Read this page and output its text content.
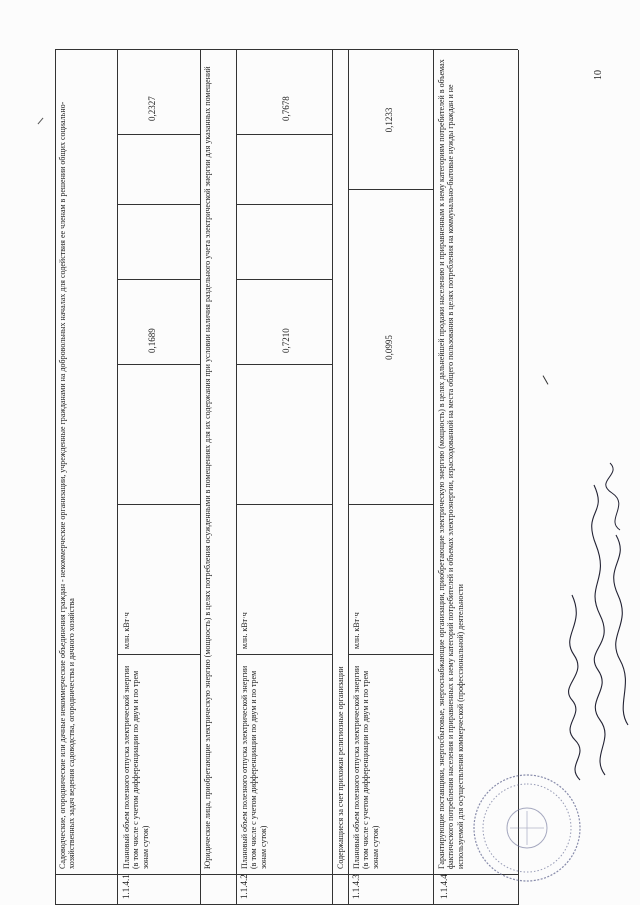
Садоводческие, огороднические или дачные некоммерческие объединения граждан - некоммерческие организации, учрежденные гражданами на добровольных началах для содействия ее членам в решении общих социально-хозяйственных задач ведения садоводства, огородничества и дачного хозяйства
1.1.4.1
Плановый объем полезного отпуска электрической энергии (в том числе с учетом дифференциации по двум и по трем зонам суток)
млн. кВт·ч
0,1689
0,2327	Юридические лица, приобретающие электрическую энергию (мощность) в целях потребления осужденными в помещениях для их содержания при условии наличия раздельного учета электрической энергии для указанных помещений
1.1.4.2
Плановый объем полезного отпуска электрической энергии (в том числе с учетом дифференциации по двум и по трем зонам суток)
млн. кВт·ч
0,7210
0,7678
Содержащиеся за счет прихожан религиозные организации
1.1.4.3
Плановый объем полезного отпуска электрической энергии (в том числе с учетом дифференциации по двум и по трем зонам суток)
млн. кВт·ч
0,0995
0,1233
1.1.4.4
Гарантирующие поставщики, энергосбытовые, энергоснабжающие организации, приобретающие электрическую энергию (мощность) в целях дальнейшей продажи населению и приравненным к нему категориям потребителей в объемах фактического потребления населения и приравненных к нему категорий потребителей и объемах электроэнергии, израсходованной на места общего пользования в целях потребления на коммунально-бытовые нужды граждан и не используемой для осуществления коммерческой (профессиональной) деятельности
10
